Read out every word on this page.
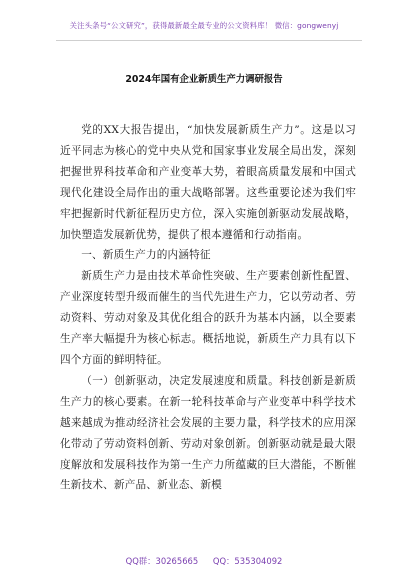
关注头条号“公文研究”，获得最新最全最专业的公文资料库！ 微信：gongwenyj
2024年国有企业新质生产力调研报告

党的XX大报告提出，“加快发展新质生产力”。这是以习近平同志为核心的党中央从党和国家事业发展全局出发，深刻把握世界科技革命和产业变革大势，着眼高质量发展和中国式现代化建设全局作出的重大战略部署。这些重要论述为我们牢牢把握新时代新征程历史方位，深入实施创新驱动发展战略，加快塑造发展新优势，提供了根本遵循和行动指南。

一、新质生产力的内涵特征

新质生产力是由技术革命性突破、生产要素创新性配置、产业深度转型升级而催生的当代先进生产力，它以劳动者、劳动资料、劳动对象及其优化组合的跃升为基本内涵，以全要素生产率大幅提升为核心标志。概括地说，新质生产力具有以下四个方面的鲜明特征。

（一）创新驱动，决定发展速度和质量。科技创新是新质生产力的核心要素。在新一轮科技革命与产业变革中科学技术越来越成为推动经济社会发展的主要力量，科学技术的应用深化带动了劳动资料创新、劳动对象创新。创新驱动就是最大限度解放和发展科技作为第一生产力所蕴藏的巨大潜能，不断催生新技术、新产品、新业态、新模

QQ群：30265665 QQ：535304092
